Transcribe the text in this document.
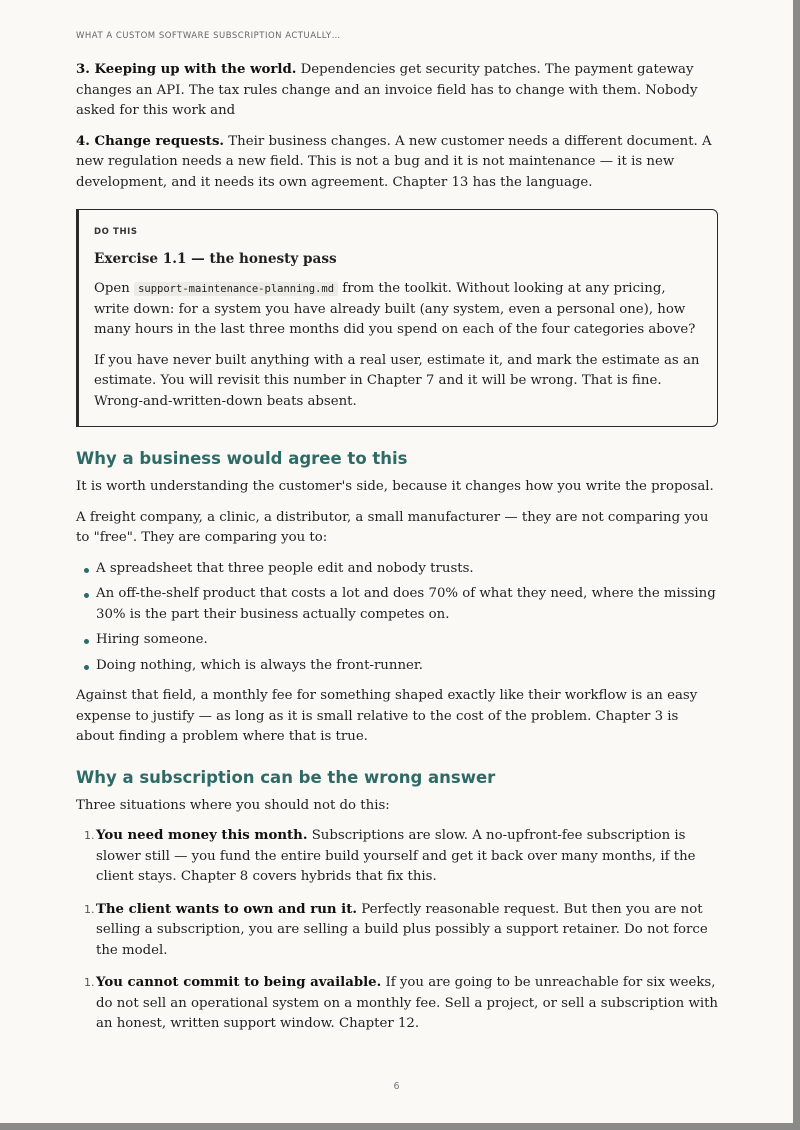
WHAT A CUSTOM SOFTWARE SUBSCRIPTION ACTUALLY…

3. Keeping up with the world. Dependencies get security patches. The payment gateway changes an API. The tax rules change and an invoice field has to change with them. Nobody asked for this work and

4. Change requests. Their business changes. A new customer needs a different document. A new regulation needs a new field. This is not a bug and it is not maintenance — it is new development, and it needs its own agreement. Chapter 13 has the language.

DO THIS
Exercise 1.1 — the honesty pass

Open support-maintenance-planning.md from the toolkit. Without looking at any pricing, write down: for a system you have already built (any system, even a personal one), how many hours in the last three months did you spend on each of the four categories above?

If you have never built anything with a real user, estimate it, and mark the estimate as an estimate. You will revisit this number in Chapter 7 and it will be wrong. That is fine. Wrong-and-written-down beats absent.

Why a business would agree to this

It is worth understanding the customer's side, because it changes how you write the proposal.

A freight company, a clinic, a distributor, a small manufacturer — they are not comparing you to "free". They are comparing you to:

A spreadsheet that three people edit and nobody trusts.
An off-the-shelf product that costs a lot and does 70% of what they need, where the missing 30% is the part their business actually competes on.
Hiring someone.
Doing nothing, which is always the front-runner.

Against that field, a monthly fee for something shaped exactly like their workflow is an easy expense to justify — as long as it is small relative to the cost of the problem. Chapter 3 is about finding a problem where that is true.

Why a subscription can be the wrong answer

Three situations where you should not do this:

1. You need money this month. Subscriptions are slow. A no-upfront-fee subscription is slower still — you fund the entire build yourself and get it back over many months, if the client stays. Chapter 8 covers hybrids that fix this.
1. The client wants to own and run it. Perfectly reasonable request. But then you are not selling a subscription, you are selling a build plus possibly a support retainer. Do not force the model.
1. You cannot commit to being available. If you are going to be unreachable for six weeks, do not sell an operational system on a monthly fee. Sell a project, or sell a subscription with an honest, written support window. Chapter 12.
6
